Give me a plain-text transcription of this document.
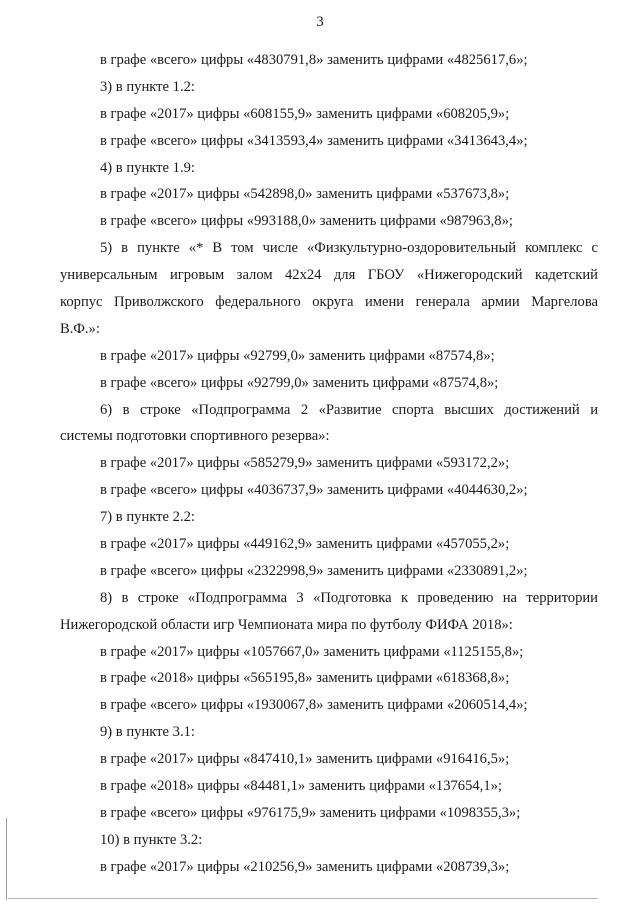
3
в графе «всего» цифры «4830791,8» заменить цифрами «4825617,6»;
3) в пункте 1.2:
в графе «2017» цифры «608155,9» заменить цифрами «608205,9»;
в графе «всего» цифры «3413593,4» заменить цифрами «3413643,4»;
4) в пункте 1.9:
в графе «2017» цифры «542898,0» заменить цифрами «537673,8»;
в графе «всего» цифры «993188,0» заменить цифрами «987963,8»;
5) в пункте «* В том числе «Физкультурно-оздоровительный комплекс с
универсальным игровым залом 42х24 для ГБОУ «Нижегородский кадетский
корпус Приволжского федерального округа имени генерала армии Маргелова
В.Ф.»:
в графе «2017» цифры «92799,0» заменить цифрами «87574,8»;
в графе «всего» цифры «92799,0» заменить цифрами «87574,8»;
6) в строке «Подпрограмма 2 «Развитие спорта высших достижений и
системы подготовки спортивного резерва»:
в графе «2017» цифры «585279,9» заменить цифрами «593172,2»;
в графе «всего» цифры «4036737,9» заменить цифрами «4044630,2»;
7) в пункте 2.2:
в графе «2017» цифры «449162,9» заменить цифрами «457055,2»;
в графе «всего» цифры «2322998,9» заменить цифрами «2330891,2»;
8) в строке «Подпрограмма 3 «Подготовка к проведению на территории
Нижегородской области игр Чемпионата мира по футболу ФИФА 2018»:
в графе «2017» цифры «1057667,0» заменить цифрами «1125155,8»;
в графе «2018» цифры «565195,8» заменить цифрами «618368,8»;
в графе «всего» цифры «1930067,8» заменить цифрами «2060514,4»;
9) в пункте 3.1:
в графе «2017» цифры «847410,1» заменить цифрами «916416,5»;
в графе «2018» цифры «84481,1» заменить цифрами «137654,1»;
в графе «всего» цифры «976175,9» заменить цифрами «1098355,3»;
10) в пункте 3.2:
в графе «2017» цифры «210256,9» заменить цифрами «208739,3»;
